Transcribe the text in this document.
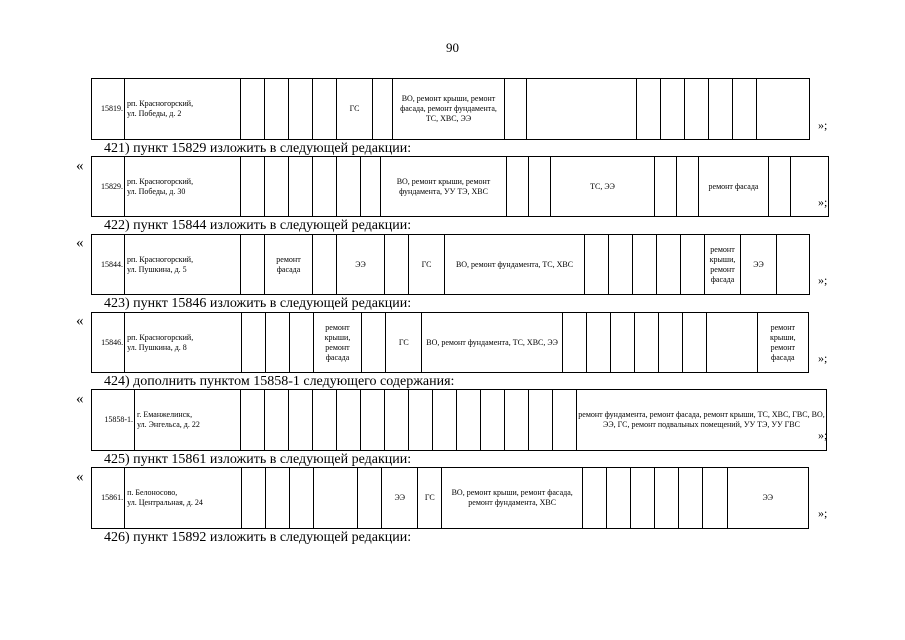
90
15819.	рп. Красногорский,
ул. Победы, д. 2					ГС		ВО, ремонт крыши, ремонт фасада, ремонт фундамента, ТС, ХВС, ЭЭ									»;
421) пункт 15829 изложить в следующей редакции:
«
15829.	рп. Красногорский,
ул. Победы, д. 30							ВО, ремонт крыши, ремонт фундамента, УУ ТЭ, ХВС			ТС, ЭЭ			ремонт фасада		
»;
422) пункт 15844 изложить в следующей редакции:
«
15844.	рп. Красногорский,
ул. Пушкина, д. 5		ремонт фасада		ЭЭ		ГС	ВО, ремонт фундамента, ТС, ХВС						ремонт крыши, ремонт фасада	ЭЭ	
»;
423) пункт 15846 изложить в следующей редакции:
«
15846.	рп. Красногорский,
ул. Пушкина, д. 8				ремонт крыши, ремонт фасада		ГС	ВО, ремонт фундамента, ТС, ХВС, ЭЭ								ремонт крыши, ремонт фасада »;
424) дополнить пунктом 15858-1 следующего содержания:
«
15858-1.	г. Еманжелинск,
ул. Энгельса, д. 22															ремонт фундамента, ремонт фасада, ремонт крыши, ТС, ХВС, ГВС, ВО, ЭЭ, ГС, ремонт подвальных помещений, УУ ТЭ, УУ ГВС
»;
425) пункт 15861 изложить в следующей редакции:
«
15861.	п. Белоносово,
ул. Центральная, д. 24						ЭЭ	ГС	ВО, ремонт крыши, ремонт фасада, ремонт фундамента, ХВС							ЭЭ
»;
426) пункт 15892 изложить в следующей редакции:
